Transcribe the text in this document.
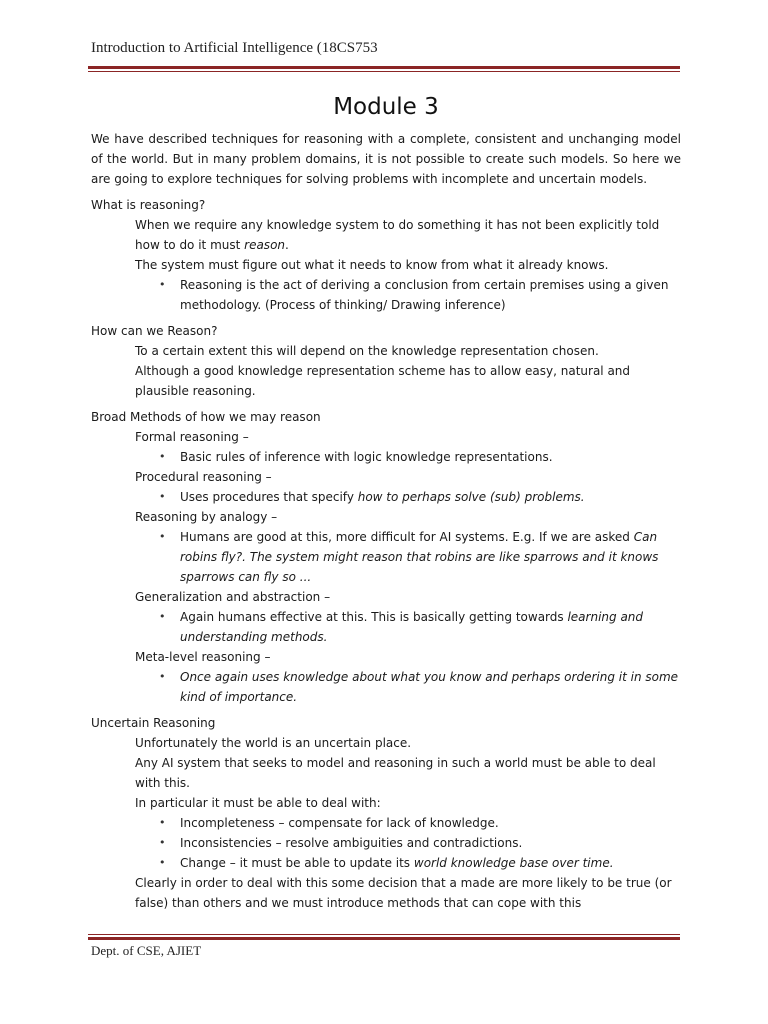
Introduction to Artificial Intelligence (18CS753
Module 3

We have described techniques for reasoning with a complete, consistent and unchanging model of the world. But in many problem domains, it is not possible to create such models. So here we are going to explore techniques for solving problems with incomplete and uncertain models.

What is reasoning?

When we require any knowledge system to do something it has not been explicitly told how to do it must reason.
The system must figure out what it needs to know from what it already knows.
• Reasoning is the act of deriving a conclusion from certain premises using a given methodology. (Process of thinking/ Drawing inference)

How can we Reason?

To a certain extent this will depend on the knowledge representation chosen.
Although a good knowledge representation scheme has to allow easy, natural and plausible reasoning.

Broad Methods of how we may reason

Formal reasoning –
• Basic rules of inference with logic knowledge representations.
Procedural reasoning –
• Uses procedures that specify how to perhaps solve (sub) problems.
Reasoning by analogy –
• Humans are good at this, more difficult for AI systems. E.g. If we are asked Can robins fly?. The system might reason that robins are like sparrows and it knows sparrows can fly so ...
Generalization and abstraction –
• Again humans effective at this. This is basically getting towards learning and understanding methods.
Meta-level reasoning –
• Once again uses knowledge about what you know and perhaps ordering it in some kind of importance.

Uncertain Reasoning

Unfortunately the world is an uncertain place.
Any AI system that seeks to model and reasoning in such a world must be able to deal with this.
In particular it must be able to deal with:
• Incompleteness – compensate for lack of knowledge.
• Inconsistencies – resolve ambiguities and contradictions.
• Change – it must be able to update its world knowledge base over time.
Clearly in order to deal with this some decision that a made are more likely to be true (or false) than others and we must introduce methods that can cope with this
Dept. of CSE, AJIET
